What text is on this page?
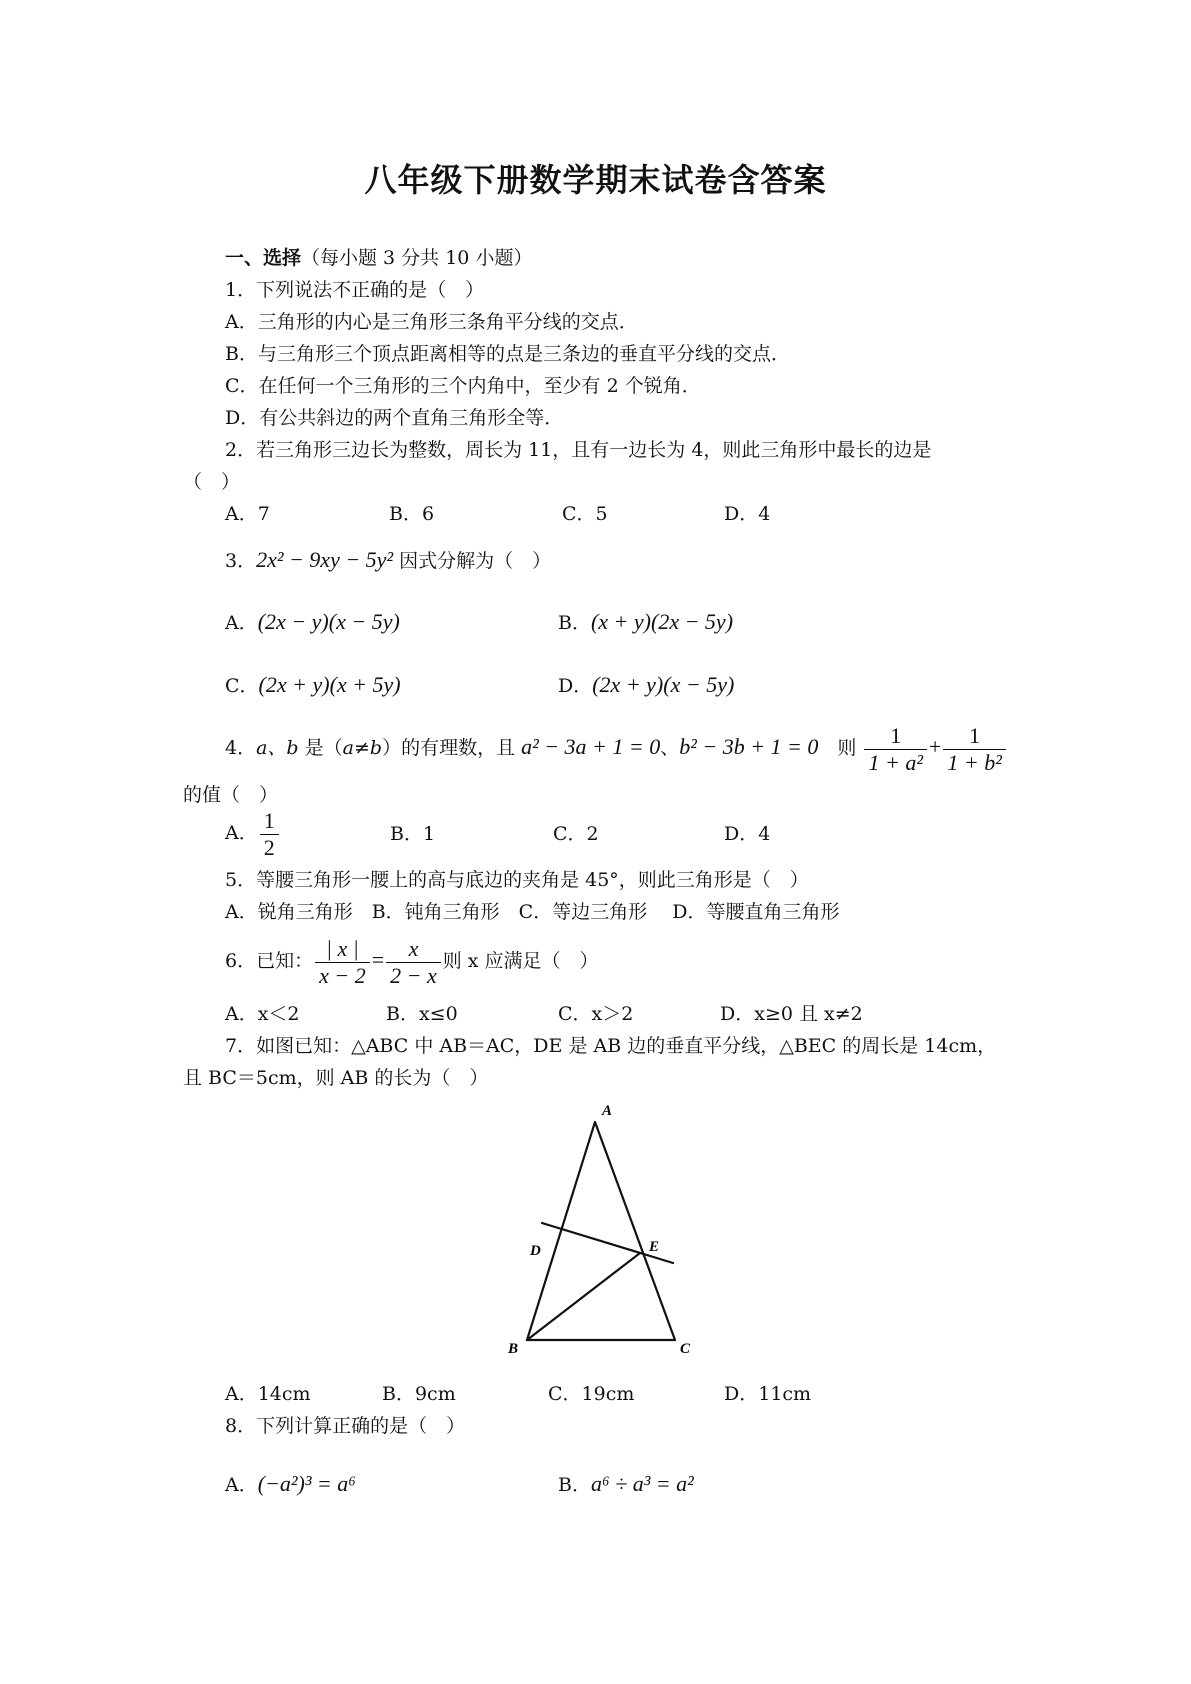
八年级下册数学期末试卷含答案
一、选择（每小题 3 分共 10 小题）
1．下列说法不正确的是（　）
A．三角形的内心是三角形三条角平分线的交点．
B．与三角形三个顶点距离相等的点是三条边的垂直平分线的交点．
C．在任何一个三角形的三个内角中，至少有 2 个锐角．
D．有公共斜边的两个直角三角形全等．
2．若三角形三边长为整数，周长为 11，且有一边长为 4，则此三角形中最长的边是
（　）
A．7	B．6	C．5	D．4
3．2x² − 9xy − 5y² 因式分解为（　）
A．(2x − y)(x − 5y)	B．(x + y)(2x − 5y)
C．(2x + y)(x + 5y)	D．(2x + y)(x − 5y)
4．a、b 是（a≠b）的有理数，且 a² − 3a + 1 = 0、b² − 3b + 1 = 0　则 $\frac{1}{\text{1 + a²}} + \frac{1}{\text{1 + b²}}$
的值（　）
A． $\frac{1}{2}$	B．1	C．2	D．4
5．等腰三角形一腰上的高与底边的夹角是 45°，则此三角形是（　）
A．锐角三角形　B．钝角三角形　C．等边三角形　 D．等腰直角三角形
6．已知： $\frac{| x |}{x - 2} = \frac{x}{2 - x}$ 则 x 应满足（　）
A．x＜2	B．x≤0	C．x＞2	D．x≥0 且 x≠2
7．如图已知：△ABC 中 AB＝AC，DE 是 AB 边的垂直平分线，△BEC 的周长是 14cm，
且 BC＝5cm，则 AB 的长为（　）
A
D	E
B	C
A．14cm	B．9cm	C．19cm	D．11cm
8．下列计算正确的是（　）
A．(−a²)³ = a⁶	B．a⁶ ÷ a³ = a²
